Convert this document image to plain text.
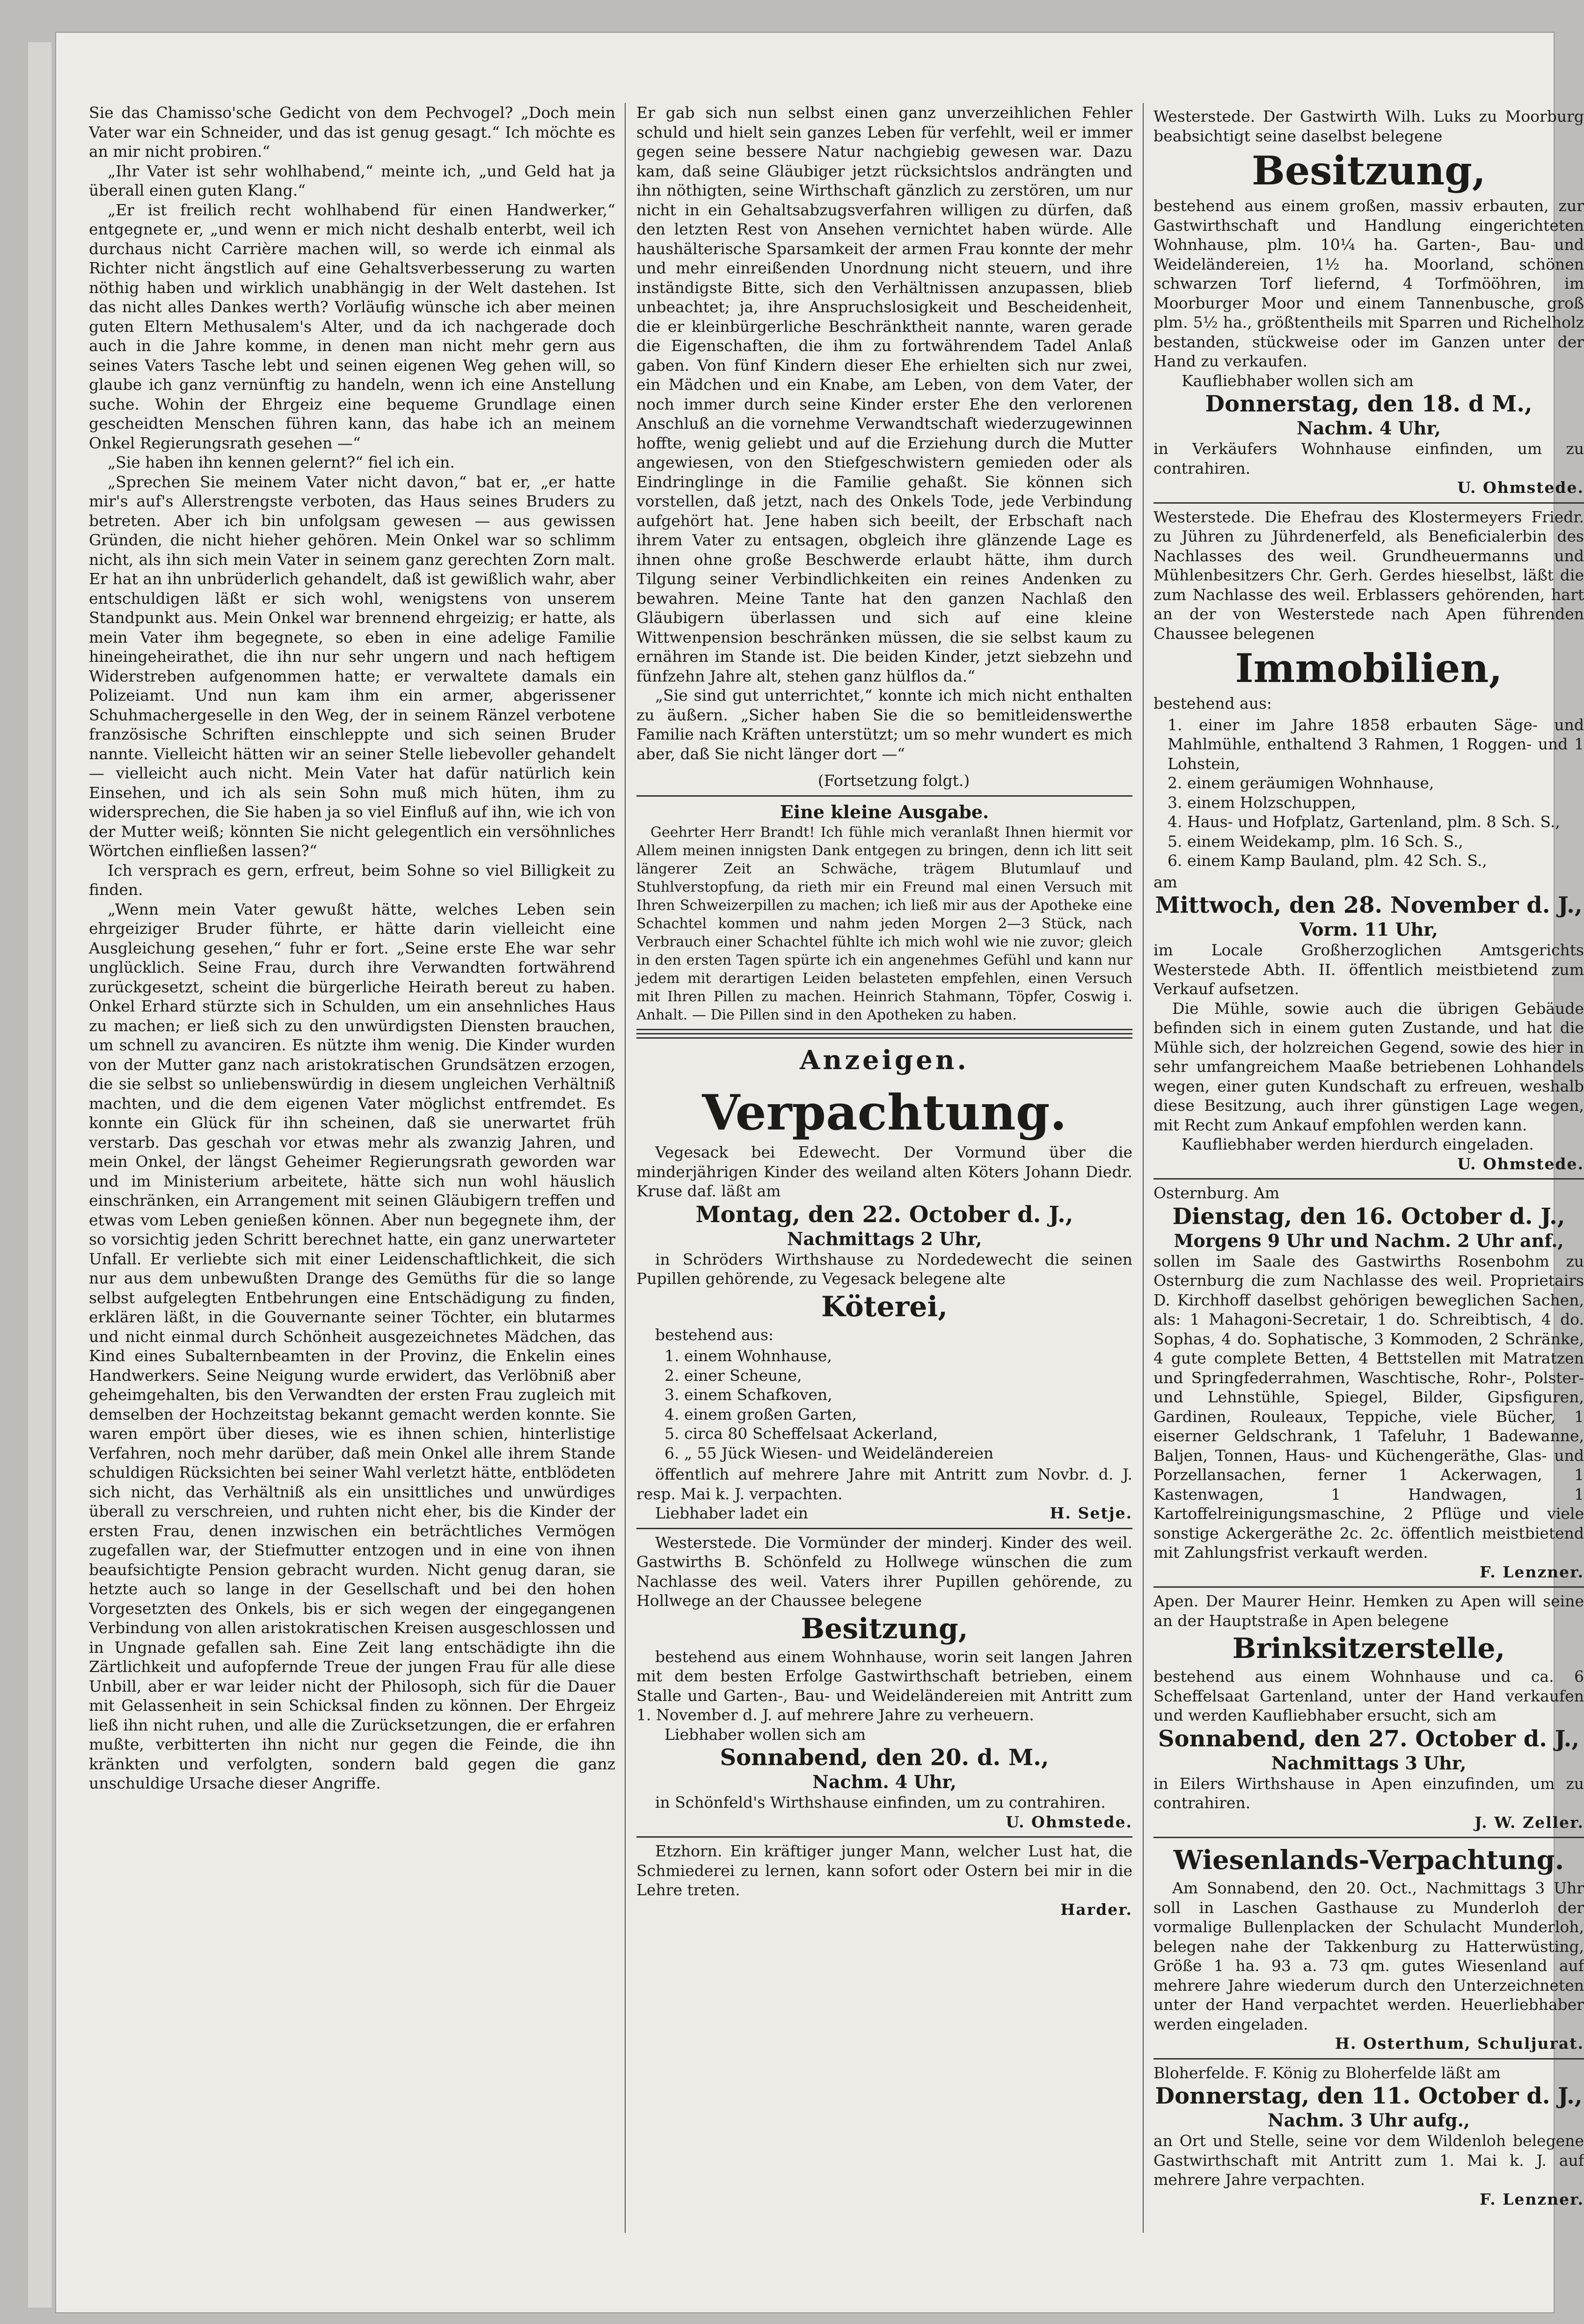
Sie das Chamisso'sche Gedicht von dem Pechvogel? „Doch mein Vater war ein Schneider, und das ist genug gesagt.“ Ich möchte es an mir nicht probiren.“

„Ihr Vater ist sehr wohlhabend,“ meinte ich, „und Geld hat ja überall einen guten Klang.“

„Er ist freilich recht wohlhabend für einen Handwerker,“ entgegnete er, „und wenn er mich nicht deshalb enterbt, weil ich durchaus nicht Carrière machen will, so werde ich einmal als Richter nicht ängstlich auf eine Gehaltsverbesserung zu warten nöthig haben und wirklich unabhängig in der Welt dastehen. Ist das nicht alles Dankes werth? Vorläufig wünsche ich aber meinen guten Eltern Methusalem's Alter, und da ich nachgerade doch auch in die Jahre komme, in denen man nicht mehr gern aus seines Vaters Tasche lebt und seinen eigenen Weg gehen will, so glaube ich ganz vernünftig zu handeln, wenn ich eine Anstellung suche. Wohin der Ehrgeiz eine bequeme Grundlage einen gescheidten Menschen führen kann, das habe ich an meinem Onkel Regierungsrath gesehen —“

„Sie haben ihn kennen gelernt?“ fiel ich ein.

„Sprechen Sie meinem Vater nicht davon,“ bat er, „er hatte mir's auf's Allerstrengste verboten, das Haus seines Bruders zu betreten. Aber ich bin unfolgsam gewesen — aus gewissen Gründen, die nicht hieher gehören. Mein Onkel war so schlimm nicht, als ihn sich mein Vater in seinem ganz gerechten Zorn malt. Er hat an ihn unbrüderlich gehandelt, daß ist gewißlich wahr, aber entschuldigen läßt er sich wohl, wenigstens von unserem Standpunkt aus. Mein Onkel war brennend ehrgeizig; er hatte, als mein Vater ihm begegnete, so eben in eine adelige Familie hineingeheirathet, die ihn nur sehr ungern und nach heftigem Widerstreben aufgenommen hatte; er verwaltete damals ein Polizeiamt. Und nun kam ihm ein armer, abgerissener Schuhmachergeselle in den Weg, der in seinem Ränzel verbotene französische Schriften einschleppte und sich seinen Bruder nannte. Vielleicht hätten wir an seiner Stelle liebevoller gehandelt — vielleicht auch nicht. Mein Vater hat dafür natürlich kein Einsehen, und ich als sein Sohn muß mich hüten, ihm zu widersprechen, die Sie haben ja so viel Einfluß auf ihn, wie ich von der Mutter weiß; könnten Sie nicht gelegentlich ein versöhnliches Wörtchen einfließen lassen?“

Ich versprach es gern, erfreut, beim Sohne so viel Billigkeit zu finden.

„Wenn mein Vater gewußt hätte, welches Leben sein ehrgeiziger Bruder führte, er hätte darin vielleicht eine Ausgleichung gesehen,“ fuhr er fort. „Seine erste Ehe war sehr unglücklich. Seine Frau, durch ihre Verwandten fortwährend zurückgesetzt, scheint die bürgerliche Heirath bereut zu haben. Onkel Erhard stürzte sich in Schulden, um ein ansehnliches Haus zu machen; er ließ sich zu den unwürdigsten Diensten brauchen, um schnell zu avanciren. Es nützte ihm wenig. Die Kinder wurden von der Mutter ganz nach aristokratischen Grundsätzen erzogen, die sie selbst so unliebenswürdig in diesem ungleichen Verhältniß machten, und die dem eigenen Vater möglichst entfremdet. Es konnte ein Glück für ihn scheinen, daß sie unerwartet früh verstarb. Das geschah vor etwas mehr als zwanzig Jahren, und mein Onkel, der längst Geheimer Regierungsrath geworden war und im Ministerium arbeitete, hätte sich nun wohl häuslich einschränken, ein Arrangement mit seinen Gläubigern treffen und etwas vom Leben genießen können. Aber nun begegnete ihm, der so vorsichtig jeden Schritt berechnet hatte, ein ganz unerwarteter Unfall. Er verliebte sich mit einer Leidenschaftlichkeit, die sich nur aus dem unbewußten Drange des Gemüths für die so lange selbst aufgelegten Entbehrungen eine Entschädigung zu finden, erklären läßt, in die Gouvernante seiner Töchter, ein blutarmes und nicht einmal durch Schönheit ausgezeichnetes Mädchen, das Kind eines Subalternbeamten in der Provinz, die Enkelin eines Handwerkers. Seine Neigung wurde erwidert, das Verlöbniß aber geheimgehalten, bis den Verwandten der ersten Frau zugleich mit demselben der Hochzeitstag bekannt gemacht werden konnte. Sie waren empört über dieses, wie es ihnen schien, hinterlistige Verfahren, noch mehr darüber, daß mein Onkel alle ihrem Stande schuldigen Rücksichten bei seiner Wahl verletzt hätte, entblödeten sich nicht, das Verhältniß als ein unsittliches und unwürdiges überall zu verschreien, und ruhten nicht eher, bis die Kinder der ersten Frau, denen inzwischen ein beträchtliches Vermögen zugefallen war, der Stiefmutter entzogen und in eine von ihnen beaufsichtigte Pension gebracht wurden. Nicht genug daran, sie hetzte auch so lange in der Gesellschaft und bei den hohen Vorgesetzten des Onkels, bis er sich wegen der eingegangenen Verbindung von allen aristokratischen Kreisen ausgeschlossen und in Ungnade gefallen sah. Eine Zeit lang entschädigte ihn die Zärtlichkeit und aufopfernde Treue der jungen Frau für alle diese Unbill, aber er war leider nicht der Philosoph, sich für die Dauer mit Gelassenheit in sein Schicksal finden zu können. Der Ehrgeiz ließ ihn nicht ruhen, und alle die Zurücksetzungen, die er erfahren mußte, verbitterten ihn nicht nur gegen die Feinde, die ihn kränkten und verfolgten, sondern bald gegen die ganz unschuldige Ursache dieser Angriffe.

Er gab sich nun selbst einen ganz unverzeihlichen Fehler schuld und hielt sein ganzes Leben für verfehlt, weil er immer gegen seine bessere Natur nachgiebig gewesen war. Dazu kam, daß seine Gläubiger jetzt rücksichtslos andrängten und ihn nöthigten, seine Wirthschaft gänzlich zu zerstören, um nur nicht in ein Gehaltsabzugsverfahren willigen zu dürfen, daß den letzten Rest von Ansehen vernichtet haben würde. Alle haushälterische Sparsamkeit der armen Frau konnte der mehr und mehr einreißenden Unordnung nicht steuern, und ihre inständigste Bitte, sich den Verhältnissen anzupassen, blieb unbeachtet; ja, ihre Anspruchslosigkeit und Bescheidenheit, die er kleinbürgerliche Beschränktheit nannte, waren gerade die Eigenschaften, die ihm zu fortwährendem Tadel Anlaß gaben. Von fünf Kindern dieser Ehe erhielten sich nur zwei, ein Mädchen und ein Knabe, am Leben, von dem Vater, der noch immer durch seine Kinder erster Ehe den verlorenen Anschluß an die vornehme Verwandtschaft wiederzugewinnen hoffte, wenig geliebt und auf die Erziehung durch die Mutter angewiesen, von den Stiefgeschwistern gemieden oder als Eindringlinge in die Familie gehaßt. Sie können sich vorstellen, daß jetzt, nach des Onkels Tode, jede Verbindung aufgehört hat. Jene haben sich beeilt, der Erbschaft nach ihrem Vater zu entsagen, obgleich ihre glänzende Lage es ihnen ohne große Beschwerde erlaubt hätte, ihm durch Tilgung seiner Verbindlichkeiten ein reines Andenken zu bewahren. Meine Tante hat den ganzen Nachlaß den Gläubigern überlassen und sich auf eine kleine Wittwenpension beschränken müssen, die sie selbst kaum zu ernähren im Stande ist. Die beiden Kinder, jetzt siebzehn und fünfzehn Jahre alt, stehen ganz hülflos da.“

„Sie sind gut unterrichtet,“ konnte ich mich nicht enthalten zu äußern. „Sicher haben Sie die so bemitleidenswerthe Familie nach Kräften unterstützt; um so mehr wundert es mich aber, daß Sie nicht länger dort —“

(Fortsetzung folgt.)

Eine kleine Ausgabe.

Geehrter Herr Brandt! Ich fühle mich veranlaßt Ihnen hiermit vor Allem meinen innigsten Dank entgegen zu bringen, denn ich litt seit längerer Zeit an Schwäche, trägem Blutumlauf und Stuhlverstopfung, da rieth mir ein Freund mal einen Versuch mit Ihren Schweizerpillen zu machen; ich ließ mir aus der Apotheke eine Schachtel kommen und nahm jeden Morgen 2—3 Stück, nach Verbrauch einer Schachtel fühlte ich mich wohl wie nie zuvor; gleich in den ersten Tagen spürte ich ein angenehmes Gefühl und kann nur jedem mit derartigen Leiden belasteten empfehlen, einen Versuch mit Ihren Pillen zu machen. Heinrich Stahmann, Töpfer, Coswig i. Anhalt. — Die Pillen sind in den Apotheken zu haben.

Anzeigen.
Verpachtung.

Vegesack bei Edewecht. Der Vormund über die minderjährigen Kinder des weiland alten Köters Johann Diedr. Kruse daf. läßt am

Montag, den 22. October d. J.,
Nachmittags 2 Uhr,

in Schröders Wirthshause zu Nordedewecht die seinen Pupillen gehörende, zu Vegesack belegene alte

Köterei,

bestehend aus:

1. einem Wohnhause,
2. einer Scheune,
3. einem Schafkoven,
4. einem großen Garten,
5. circa 80 Scheffelsaat Ackerland,
6. „ 55 Jück Wiesen- und Weideländereien

öffentlich auf mehrere Jahre mit Antritt zum Novbr. d. J. resp. Mai k. J. verpachten.

Liebhaber ladet ein	H. Setje.

Westerstede. Die Vormünder der minderj. Kinder des weil. Gastwirths B. Schönfeld zu Hollwege wünschen die zum Nachlasse des weil. Vaters ihrer Pupillen gehörende, zu Hollwege an der Chaussee belegene

Besitzung,

bestehend aus einem Wohnhause, worin seit langen Jahren mit dem besten Erfolge Gastwirthschaft betrieben, einem Stalle und Garten-, Bau- und Weideländereien mit Antritt zum 1. November d. J. auf mehrere Jahre zu verheuern.

Liebhaber wollen sich am

Sonnabend, den 20. d. M.,
Nachm. 4 Uhr,

in Schönfeld's Wirthshause einfinden, um zu contrahiren.

U. Ohmstede.

Etzhorn. Ein kräftiger junger Mann, welcher Lust hat, die Schmiederei zu lernen, kann sofort oder Ostern bei mir in die Lehre treten.

Harder.

Westerstede. Der Gastwirth Wilh. Luks zu Moorburg beabsichtigt seine daselbst belegene

Besitzung,

bestehend aus einem großen, massiv erbauten, zur Gastwirthschaft und Handlung eingerichteten Wohnhause, plm. 10¼ ha. Garten-, Bau- und Weideländereien, 1½ ha. Moorland, schönen schwarzen Torf liefernd, 4 Torfmööhren, im Moorburger Moor und einem Tannenbusche, groß plm. 5½ ha., größtentheils mit Sparren und Richelholz bestanden, stückweise oder im Ganzen unter der Hand zu verkaufen.

Kaufliebhaber wollen sich am

Donnerstag, den 18. d M.,
Nachm. 4 Uhr,

in Verkäufers Wohnhause einfinden, um zu contrahiren.

U. Ohmstede.

Westerstede. Die Ehefrau des Klostermeyers Friedr. zu Jühren zu Jührdenerfeld, als Beneficialerbin des Nachlasses des weil. Grundheuermanns und Mühlenbesitzers Chr. Gerh. Gerdes hieselbst, läßt die zum Nachlasse des weil. Erblassers gehörenden, hart an der von Westerstede nach Apen führenden Chaussee belegenen

Immobilien,

bestehend aus:

1. einer im Jahre 1858 erbauten Säge- und Mahlmühle, enthaltend 3 Rahmen, 1 Roggen- und 1 Lohstein,
2. einem geräumigen Wohnhause,
3. einem Holzschuppen,
4. Haus- und Hofplatz, Gartenland, plm. 8 Sch. S.,
5. einem Weidekamp, plm. 16 Sch. S.,
6. einem Kamp Bauland, plm. 42 Sch. S.,

am

Mittwoch, den 28. November d. J.,
Vorm. 11 Uhr,

im Locale Großherzoglichen Amtsgerichts Westerstede Abth. II. öffentlich meistbietend zum Verkauf aufsetzen.

Die Mühle, sowie auch die übrigen Gebäude befinden sich in einem guten Zustande, und hat die Mühle sich, der holzreichen Gegend, sowie des hier in sehr umfangreichem Maaße betriebenen Lohhandels wegen, einer guten Kundschaft zu erfreuen, weshalb diese Besitzung, auch ihrer günstigen Lage wegen, mit Recht zum Ankauf empfohlen werden kann.

Kaufliebhaber werden hierdurch eingeladen.

U. Ohmstede.

Osternburg. Am

Dienstag, den 16. October d. J.,
Morgens 9 Uhr und Nachm. 2 Uhr anf.,

sollen im Saale des Gastwirths Rosenbohm zu Osternburg die zum Nachlasse des weil. Proprietairs D. Kirchhoff daselbst gehörigen beweglichen Sachen, als: 1 Mahagoni-Secretair, 1 do. Schreibtisch, 4 do. Sophas, 4 do. Sophatische, 3 Kommoden, 2 Schränke, 4 gute complete Betten, 4 Bettstellen mit Matratzen und Springfederrahmen, Waschtische, Rohr-, Polster- und Lehnstühle, Spiegel, Bilder, Gipsfiguren, Gardinen, Rouleaux, Teppiche, viele Bücher, 1 eiserner Geldschrank, 1 Tafeluhr, 1 Badewanne, Baljen, Tonnen, Haus- und Küchengeräthe, Glas- und Porzellansachen, ferner 1 Ackerwagen, 1 Kastenwagen, 1 Handwagen, 1 Kartoffelreinigungsmaschine, 2 Pflüge und viele sonstige Ackergeräthe 2c. 2c. öffentlich meistbietend mit Zahlungsfrist verkauft werden.

F. Lenzner.

Apen. Der Maurer Heinr. Hemken zu Apen will seine an der Hauptstraße in Apen belegene

Brinksitzerstelle,

bestehend aus einem Wohnhause und ca. 6 Scheffelsaat Gartenland, unter der Hand verkaufen und werden Kaufliebhaber ersucht, sich am

Sonnabend, den 27. October d. J.,
Nachmittags 3 Uhr,

in Eilers Wirthshause in Apen einzufinden, um zu contrahiren.

J. W. Zeller.

Wiesenlands-Verpachtung.

Am Sonnabend, den 20. Oct., Nachmittags 3 Uhr soll in Laschen Gasthause zu Munderloh der vormalige Bullenplacken der Schulacht Munderloh, belegen nahe der Takkenburg zu Hatterwüsting, Größe 1 ha. 93 a. 73 qm. gutes Wiesenland auf mehrere Jahre wiederum durch den Unterzeichneten unter der Hand verpachtet werden. Heuerliebhaber werden eingeladen.

H. Osterthum, Schuljurat.

Bloherfelde. F. König zu Bloherfelde läßt am

Donnerstag, den 11. October d. J.,
Nachm. 3 Uhr aufg.,

an Ort und Stelle, seine vor dem Wildenloh belegene Gastwirthschaft mit Antritt zum 1. Mai k. J. auf mehrere Jahre verpachten.

F. Lenzner.
